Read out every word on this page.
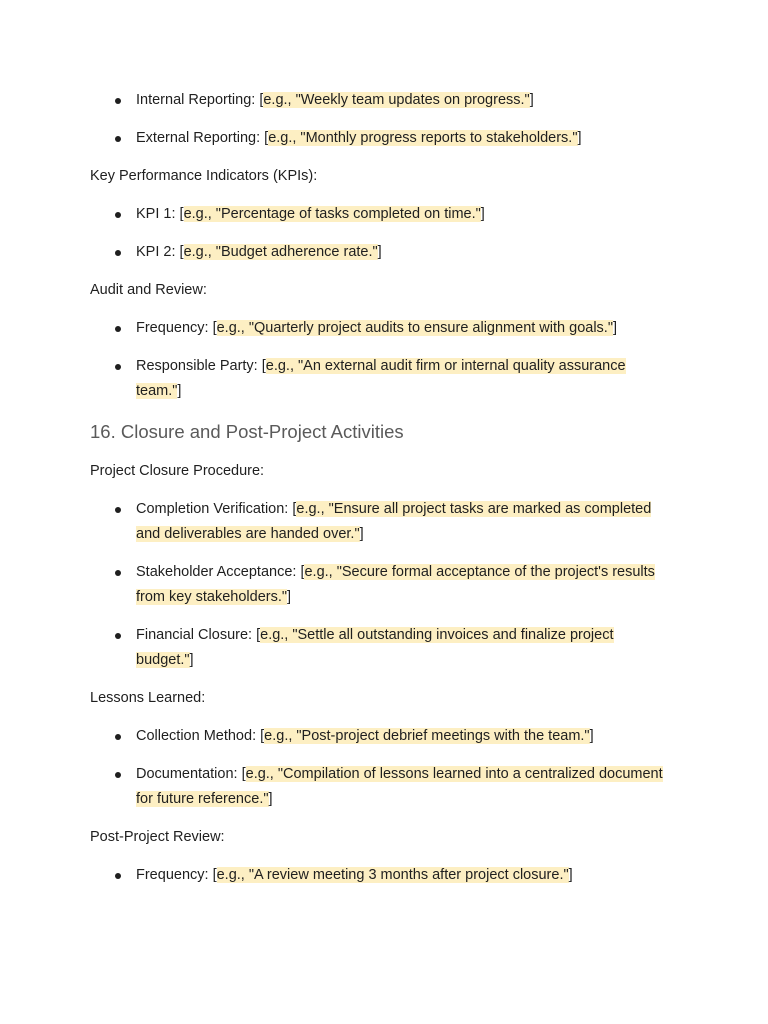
Internal Reporting: [e.g., "Weekly team updates on progress."]
External Reporting: [e.g., "Monthly progress reports to stakeholders."]

Key Performance Indicators (KPIs):

KPI 1: [e.g., "Percentage of tasks completed on time."]
KPI 2: [e.g., "Budget adherence rate."]

Audit and Review:

Frequency: [e.g., "Quarterly project audits to ensure alignment with goals."]
Responsible Party: [e.g., "An external audit firm or internal quality assurance team."]
16. Closure and Post-Project Activities

Project Closure Procedure:

Completion Verification: [e.g., "Ensure all project tasks are marked as completed and deliverables are handed over."]
Stakeholder Acceptance: [e.g., "Secure formal acceptance of the project's results from key stakeholders."]
Financial Closure: [e.g., "Settle all outstanding invoices and finalize project budget."]

Lessons Learned:

Collection Method: [e.g., "Post-project debrief meetings with the team."]
Documentation: [e.g., "Compilation of lessons learned into a centralized document for future reference."]

Post-Project Review:

Frequency: [e.g., "A review meeting 3 months after project closure."]
